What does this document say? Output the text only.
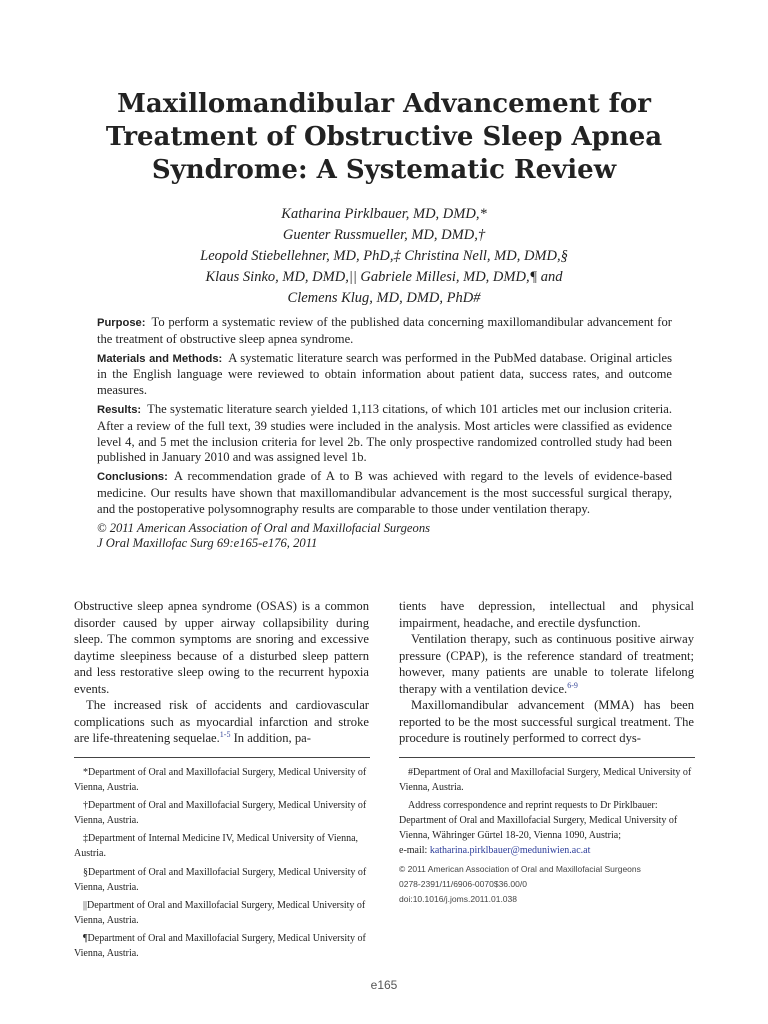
Maxillomandibular Advancement for
Treatment of Obstructive Sleep Apnea
Syndrome: A Systematic Review
Katharina Pirklbauer, MD, DMD,*
Guenter Russmueller, MD, DMD,†
Leopold Stiebellehner, MD, PhD,‡ Christina Nell, MD, DMD,§
Klaus Sinko, MD, DMD,|| Gabriele Millesi, MD, DMD,¶ and
Clemens Klug, MD, DMD, PhD#

Purpose: To perform a systematic review of the published data concerning maxillomandibular advancement for the treatment of obstructive sleep apnea syndrome.

Materials and Methods: A systematic literature search was performed in the PubMed database. Original articles in the English language were reviewed to obtain information about patient data, success rates, and outcome measures.

Results: The systematic literature search yielded 1,113 citations, of which 101 articles met our inclusion criteria. After a review of the full text, 39 studies were included in the analysis. Most articles were classified as evidence level 4, and 5 met the inclusion criteria for level 2b. The only prospective randomized controlled study had been published in January 2010 and was assigned level 1b.

Conclusions: A recommendation grade of A to B was achieved with regard to the levels of evidence-based medicine. Our results have shown that maxillomandibular advancement is the most successful surgical therapy, and the postoperative polysomnography results are comparable to those under ventilation therapy.

© 2011 American Association of Oral and Maxillofacial Surgeons

J Oral Maxillofac Surg 69:e165-e176, 2011

Obstructive sleep apnea syndrome (OSAS) is a common disorder caused by upper airway collapsibility during sleep. The common symptoms are snoring and excessive daytime sleepiness because of a disturbed sleep pattern and less restorative sleep owing to the recurrent hypoxia events.

The increased risk of accidents and cardiovascular complications such as myocardial infarction and stroke are life-threatening sequelae.$^{1-5}$ In addition, pa-

tients have depression, intellectual and physical impairment, headache, and erectile dysfunction.

Ventilation therapy, such as continuous positive airway pressure (CPAP), is the reference standard of treatment; however, many patients are unable to tolerate lifelong therapy with a ventilation device.$^{6-9}$

Maxillomandibular advancement (MMA) has been reported to be the most successful surgical treatment. The procedure is routinely performed to correct dys-

*Department of Oral and Maxillofacial Surgery, Medical University of Vienna, Austria.

†Department of Oral and Maxillofacial Surgery, Medical University of Vienna, Austria.

‡Department of Internal Medicine IV, Medical University of Vienna, Austria.

§Department of Oral and Maxillofacial Surgery, Medical University of Vienna, Austria.

||Department of Oral and Maxillofacial Surgery, Medical University of Vienna, Austria.

¶Department of Oral and Maxillofacial Surgery, Medical University of Vienna, Austria.

#Department of Oral and Maxillofacial Surgery, Medical University of Vienna, Austria.

Address correspondence and reprint requests to Dr Pirklbauer: Department of Oral and Maxillofacial Surgery, Medical University of Vienna, Währinger Gürtel 18-20, Vienna 1090, Austria;
e-mail: katharina.pirklbauer@meduniwien.ac.at

© 2011 American Association of Oral and Maxillofacial Surgeons

0278-2391/11/6906-0070$36.00/0

doi:10.1016/j.joms.2011.01.038

e165
